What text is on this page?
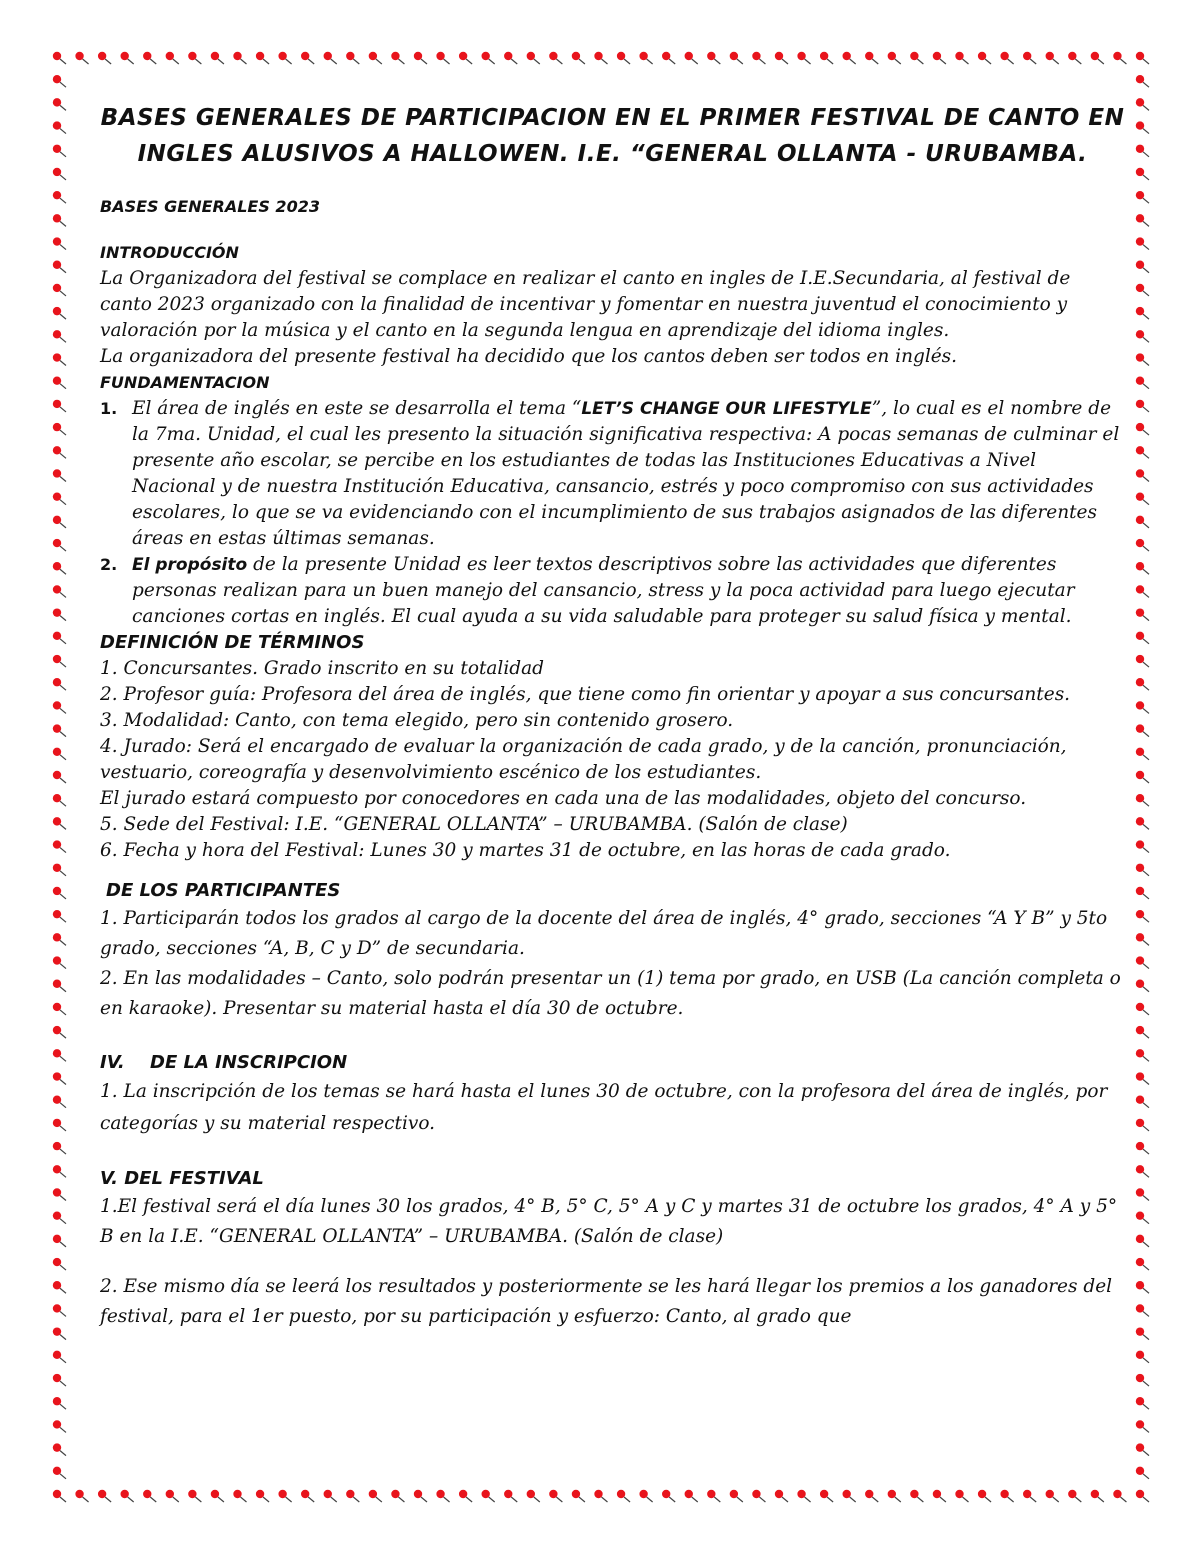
BASES GENERALES DE PARTICIPACION EN EL PRIMER FESTIVAL DE CANTO EN INGLES ALUSIVOS A HALLOWEN. I.E. “GENERAL OLLANTA - URUBAMBA.
BASES GENERALES 2023
INTRODUCCIÓN

La Organizadora del festival se complace en realizar el canto en ingles de I.E.Secundaria, al festival de canto 2023 organizado con la finalidad de incentivar y fomentar en nuestra juventud el conocimiento y valoración por la música y el canto en la segunda lengua en aprendizaje del idioma ingles.

La organizadora del presente festival ha decidido que los cantos deben ser todos en inglés.

FUNDAMENTACION
1. El área de inglés en este se desarrolla el tema “LET’S CHANGE OUR LIFESTYLE”, lo cual es el nombre de la 7ma. Unidad, el cual les presento la situación significativa respectiva: A pocas semanas de culminar el presente año escolar, se percibe en los estudiantes de todas las Instituciones Educativas a Nivel Nacional y de nuestra Institución Educativa, cansancio, estrés y poco compromiso con sus actividades escolares, lo que se va evidenciando con el incumplimiento de sus trabajos asignados de las diferentes áreas en estas últimas semanas.
2. El propósito de la presente Unidad es leer textos descriptivos sobre las actividades que diferentes personas realizan para un buen manejo del cansancio, stress y la poca actividad para luego ejecutar canciones cortas en inglés. El cual ayuda a su vida saludable para proteger su salud física y mental.
DEFINICIÓN DE TÉRMINOS

1. Concursantes. Grado inscrito en su totalidad

2. Profesor guía: Profesora del área de inglés, que tiene como fin orientar y apoyar a sus concursantes.

3. Modalidad: Canto, con tema elegido, pero sin contenido grosero.

4. Jurado: Será el encargado de evaluar la organización de cada grado, y de la canción, pronunciación, vestuario, coreografía y desenvolvimiento escénico de los estudiantes.

El jurado estará compuesto por conocedores en cada una de las modalidades, objeto del concurso.

5. Sede del Festival: I.E. “GENERAL OLLANTA” – URUBAMBA. (Salón de clase)

6. Fecha y hora del Festival: Lunes 30 y martes 31 de octubre, en las horas de cada grado.

DE LOS PARTICIPANTES

1. Participarán todos los grados al cargo de la docente del área de inglés, 4° grado, secciones “A Y B” y 5to grado, secciones “A, B, C y D” de secundaria.

2. En las modalidades – Canto, solo podrán presentar un (1) tema por grado, en USB (La canción completa o en karaoke). Presentar su material hasta el día 30 de octubre.

IV. DE LA INSCRIPCION

1. La inscripción de los temas se hará hasta el lunes 30 de octubre, con la profesora del área de inglés, por categorías y su material respectivo.

V. DEL FESTIVAL

1.El festival será el día lunes 30 los grados, 4° B, 5° C, 5° A y C y martes 31 de octubre los grados, 4° A y 5° B en la I.E. “GENERAL OLLANTA” – URUBAMBA. (Salón de clase)

2. Ese mismo día se leerá los resultados y posteriormente se les hará llegar los premios a los ganadores del festival, para el 1er puesto, por su participación y esfuerzo: Canto, al grado que
